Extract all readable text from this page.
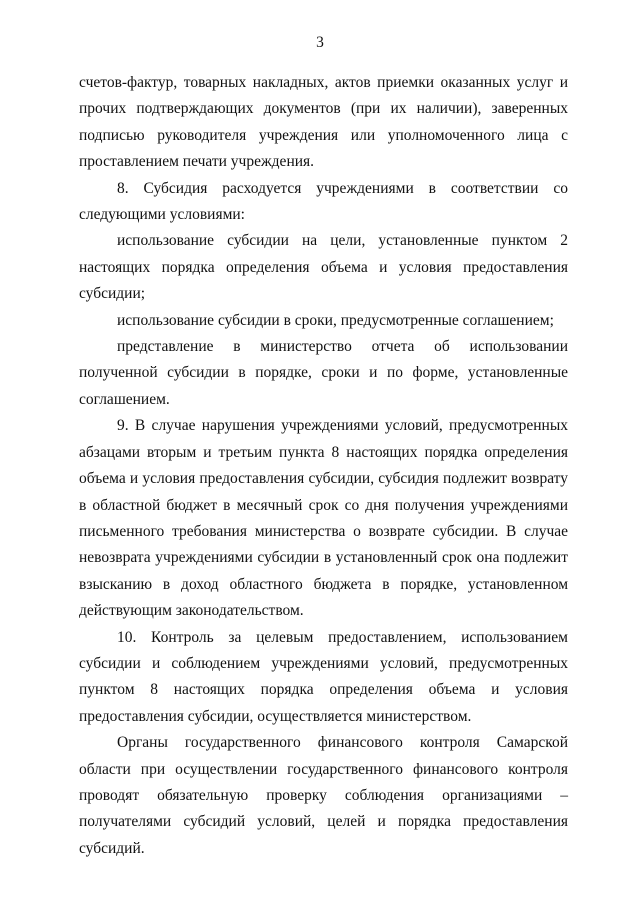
3

счетов-фактур, товарных накладных, актов приемки оказанных услуг и прочих подтверждающих документов (при их наличии), заверенных подписью руководителя учреждения или уполномоченного лица с проставлением печати учреждения.

8. Субсидия расходуется учреждениями в соответствии со следующими условиями:

использование субсидии на цели, установленные пунктом 2 настоящих порядка определения объема и условия предоставления субсидии;

использование субсидии в сроки, предусмотренные соглашением;

представление в министерство отчета об использовании полученной субсидии в порядке, сроки и по форме, установленные соглашением.

9. В случае нарушения учреждениями условий, предусмотренных абзацами вторым и третьим пункта 8 настоящих порядка определения объема и условия предоставления субсидии, субсидия подлежит возврату в областной бюджет в месячный срок со дня получения учреждениями письменного требования министерства о возврате субсидии. В случае невозврата учреждениями субсидии в установленный срок она подлежит взысканию в доход областного бюджета в порядке, установленном действующим законодательством.

10. Контроль за целевым предоставлением, использованием субсидии и соблюдением учреждениями условий, предусмотренных пунктом 8 настоящих порядка определения объема и условия предоставления субсидии, осуществляется министерством.

Органы государственного финансового контроля Самарской области при осуществлении государственного финансового контроля проводят обязательную проверку соблюдения организациями – получателями субсидий условий, целей и порядка предоставления субсидий.
